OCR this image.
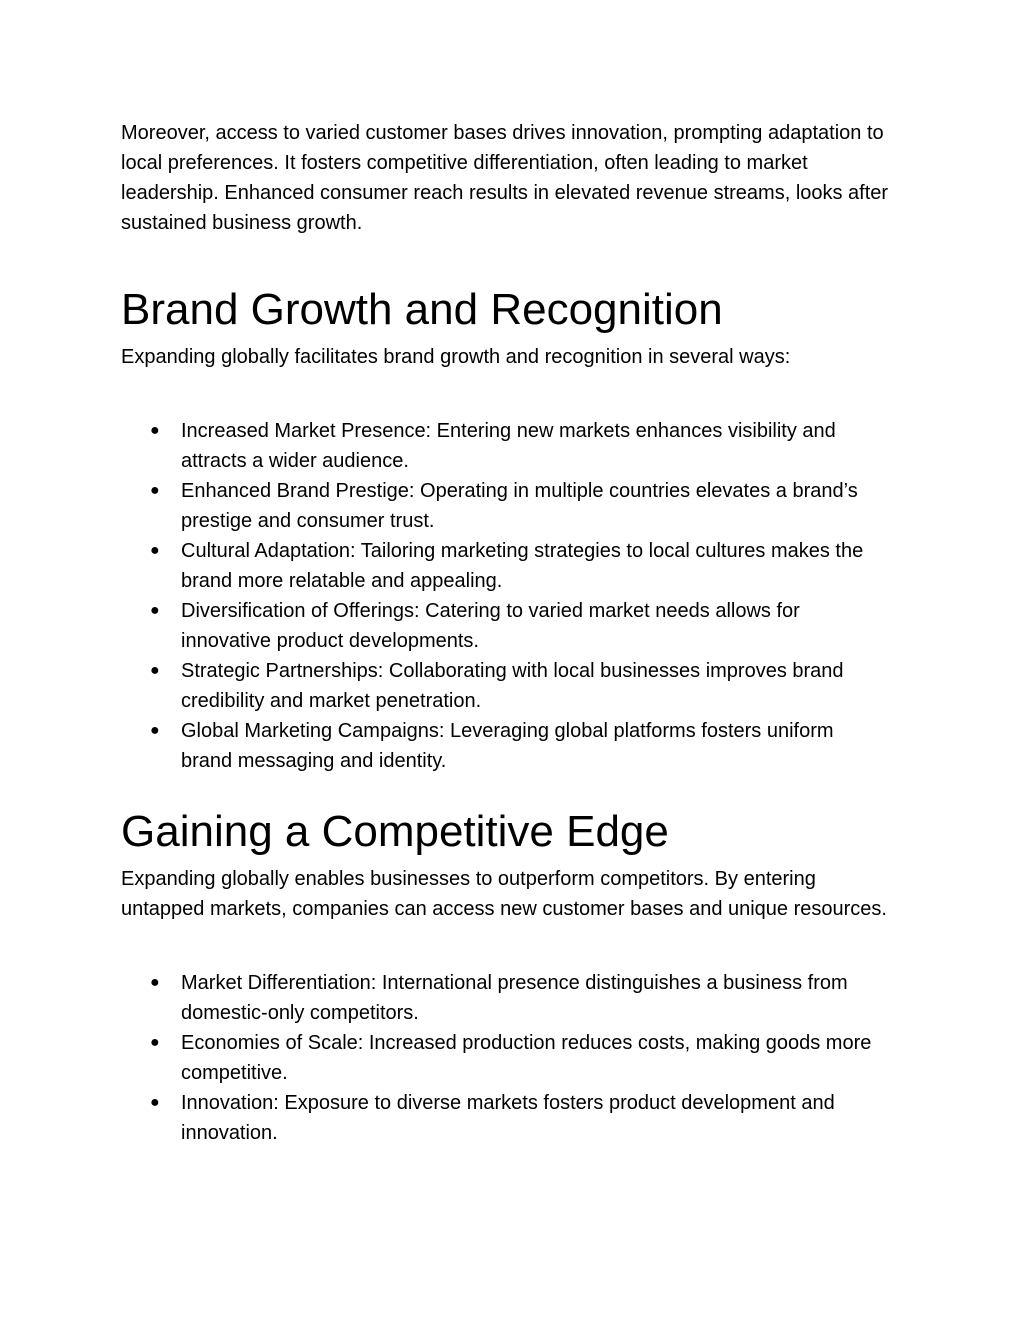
Moreover, access to varied customer bases drives innovation, prompting adaptation to local preferences. It fosters competitive differentiation, often leading to market leadership. Enhanced consumer reach results in elevated revenue streams, looks after sustained business growth.

Brand Growth and Recognition

Expanding globally facilitates brand growth and recognition in several ways:

● Increased Market Presence: Entering new markets enhances visibility and attracts a wider audience.
● Enhanced Brand Prestige: Operating in multiple countries elevates a brand’s prestige and consumer trust.
● Cultural Adaptation: Tailoring marketing strategies to local cultures makes the brand more relatable and appealing.
● Diversification of Offerings: Catering to varied market needs allows for innovative product developments.
● Strategic Partnerships: Collaborating with local businesses improves brand credibility and market penetration.
● Global Marketing Campaigns: Leveraging global platforms fosters uniform brand messaging and identity.
Gaining a Competitive Edge

Expanding globally enables businesses to outperform competitors. By entering untapped markets, companies can access new customer bases and unique resources.

● Market Differentiation: International presence distinguishes a business from domestic-only competitors.
● Economies of Scale: Increased production reduces costs, making goods more competitive.
● Innovation: Exposure to diverse markets fosters product development and innovation.
